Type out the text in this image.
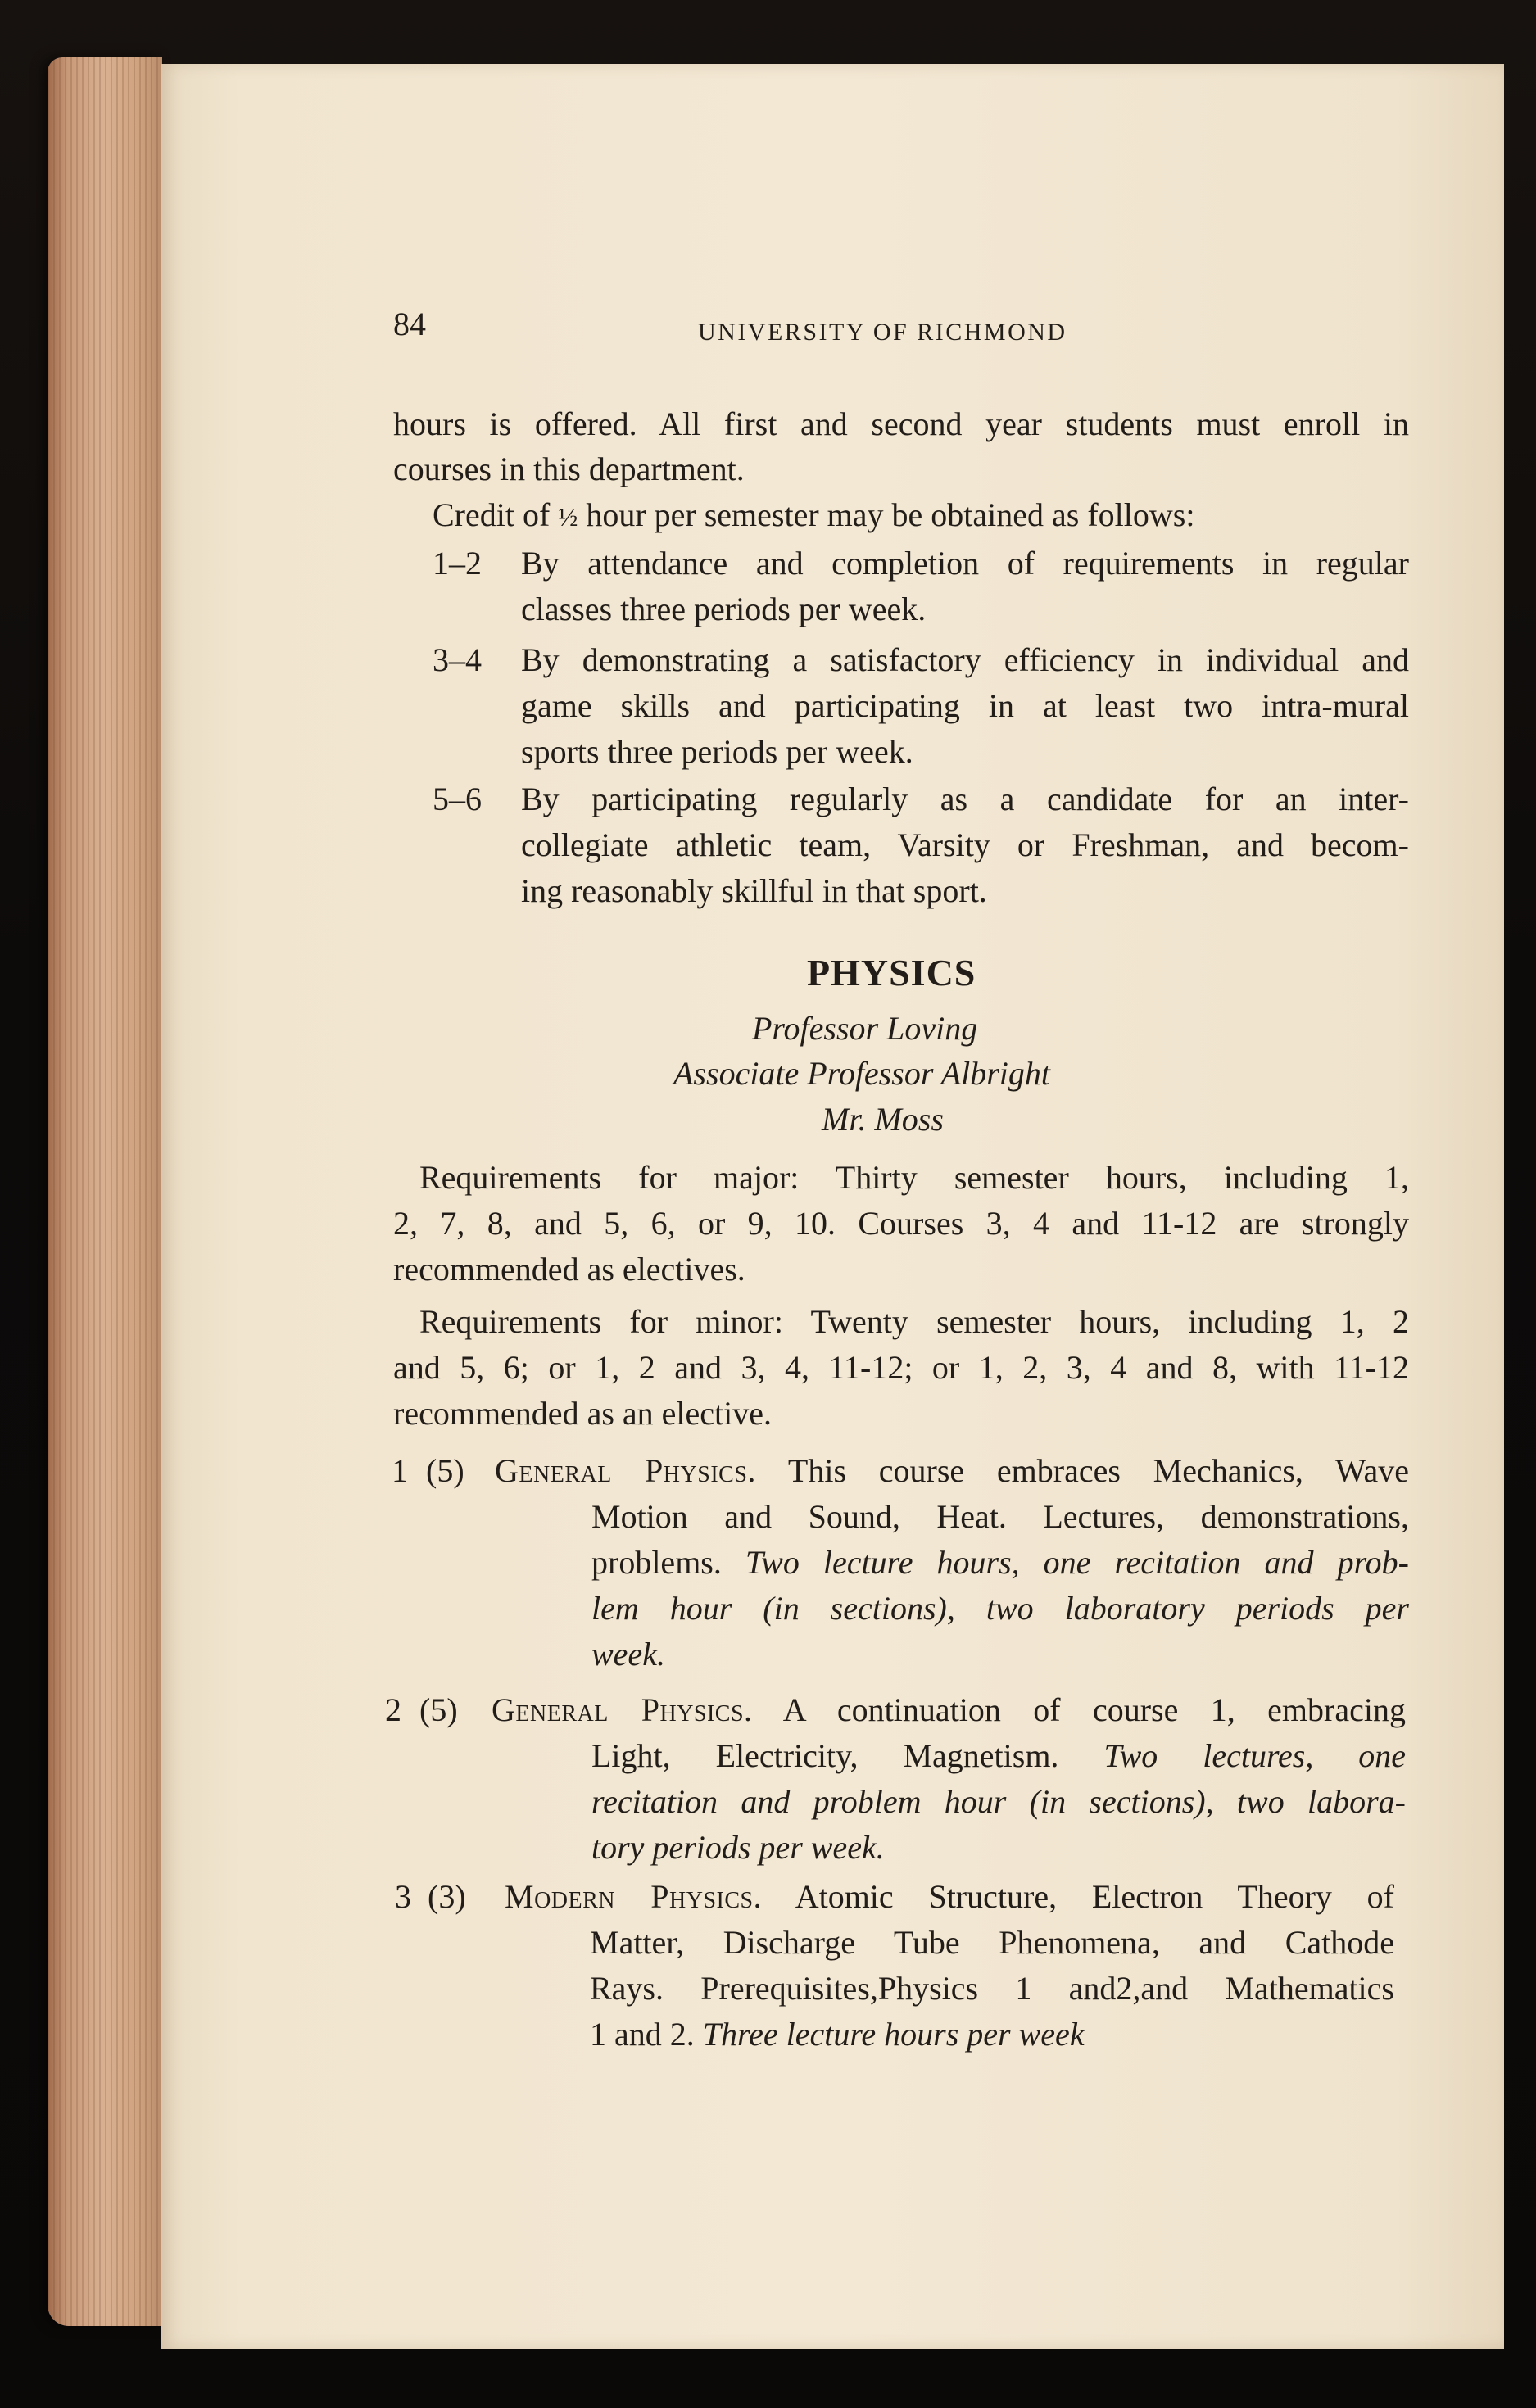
84	UNIVERSITY OF RICHMOND
hours is offered. All first and second year students must enroll in
courses in this department.
Credit of ½ hour per semester may be obtained as follows:
1–2 By attendance and completion of requirements in regular
classes three periods per week.
3–4 By demonstrating a satisfactory efficiency in individual and
game skills and participating in at least two intra-mural
sports three periods per week.
5–6 By participating regularly as a candidate for an inter-
collegiate athletic team, Varsity or Freshman, and becom-
ing reasonably skillful in that sport.
PHYSICS
Professor Loving
Associate Professor Albright
Mr. Moss
Requirements for major: Thirty semester hours, including 1,
2, 7, 8, and 5, 6, or 9, 10. Courses 3, 4 and 11-12 are strongly
recommended as electives.
Requirements for minor: Twenty semester hours, including 1, 2
and 5, 6; or 1, 2 and 3, 4, 11-12; or 1, 2, 3, 4 and 8, with 11-12
recommended as an elective.
1 (5) General Physics. This course embraces Mechanics, Wave
Motion and Sound, Heat. Lectures, demonstrations,
problems. Two lecture hours, one recitation and prob-
lem hour (in sections), two laboratory periods per
week.
2 (5) General Physics. A continuation of course 1, embracing
Light, Electricity, Magnetism. Two lectures, one
recitation and problem hour (in sections), two labora-
tory periods per week.
3 (3) Modern Physics. Atomic Structure, Electron Theory of
Matter, Discharge Tube Phenomena, and Cathode
Rays. Prerequisites,Physics 1 and2,and Mathematics
1 and 2. Three lecture hours per week
